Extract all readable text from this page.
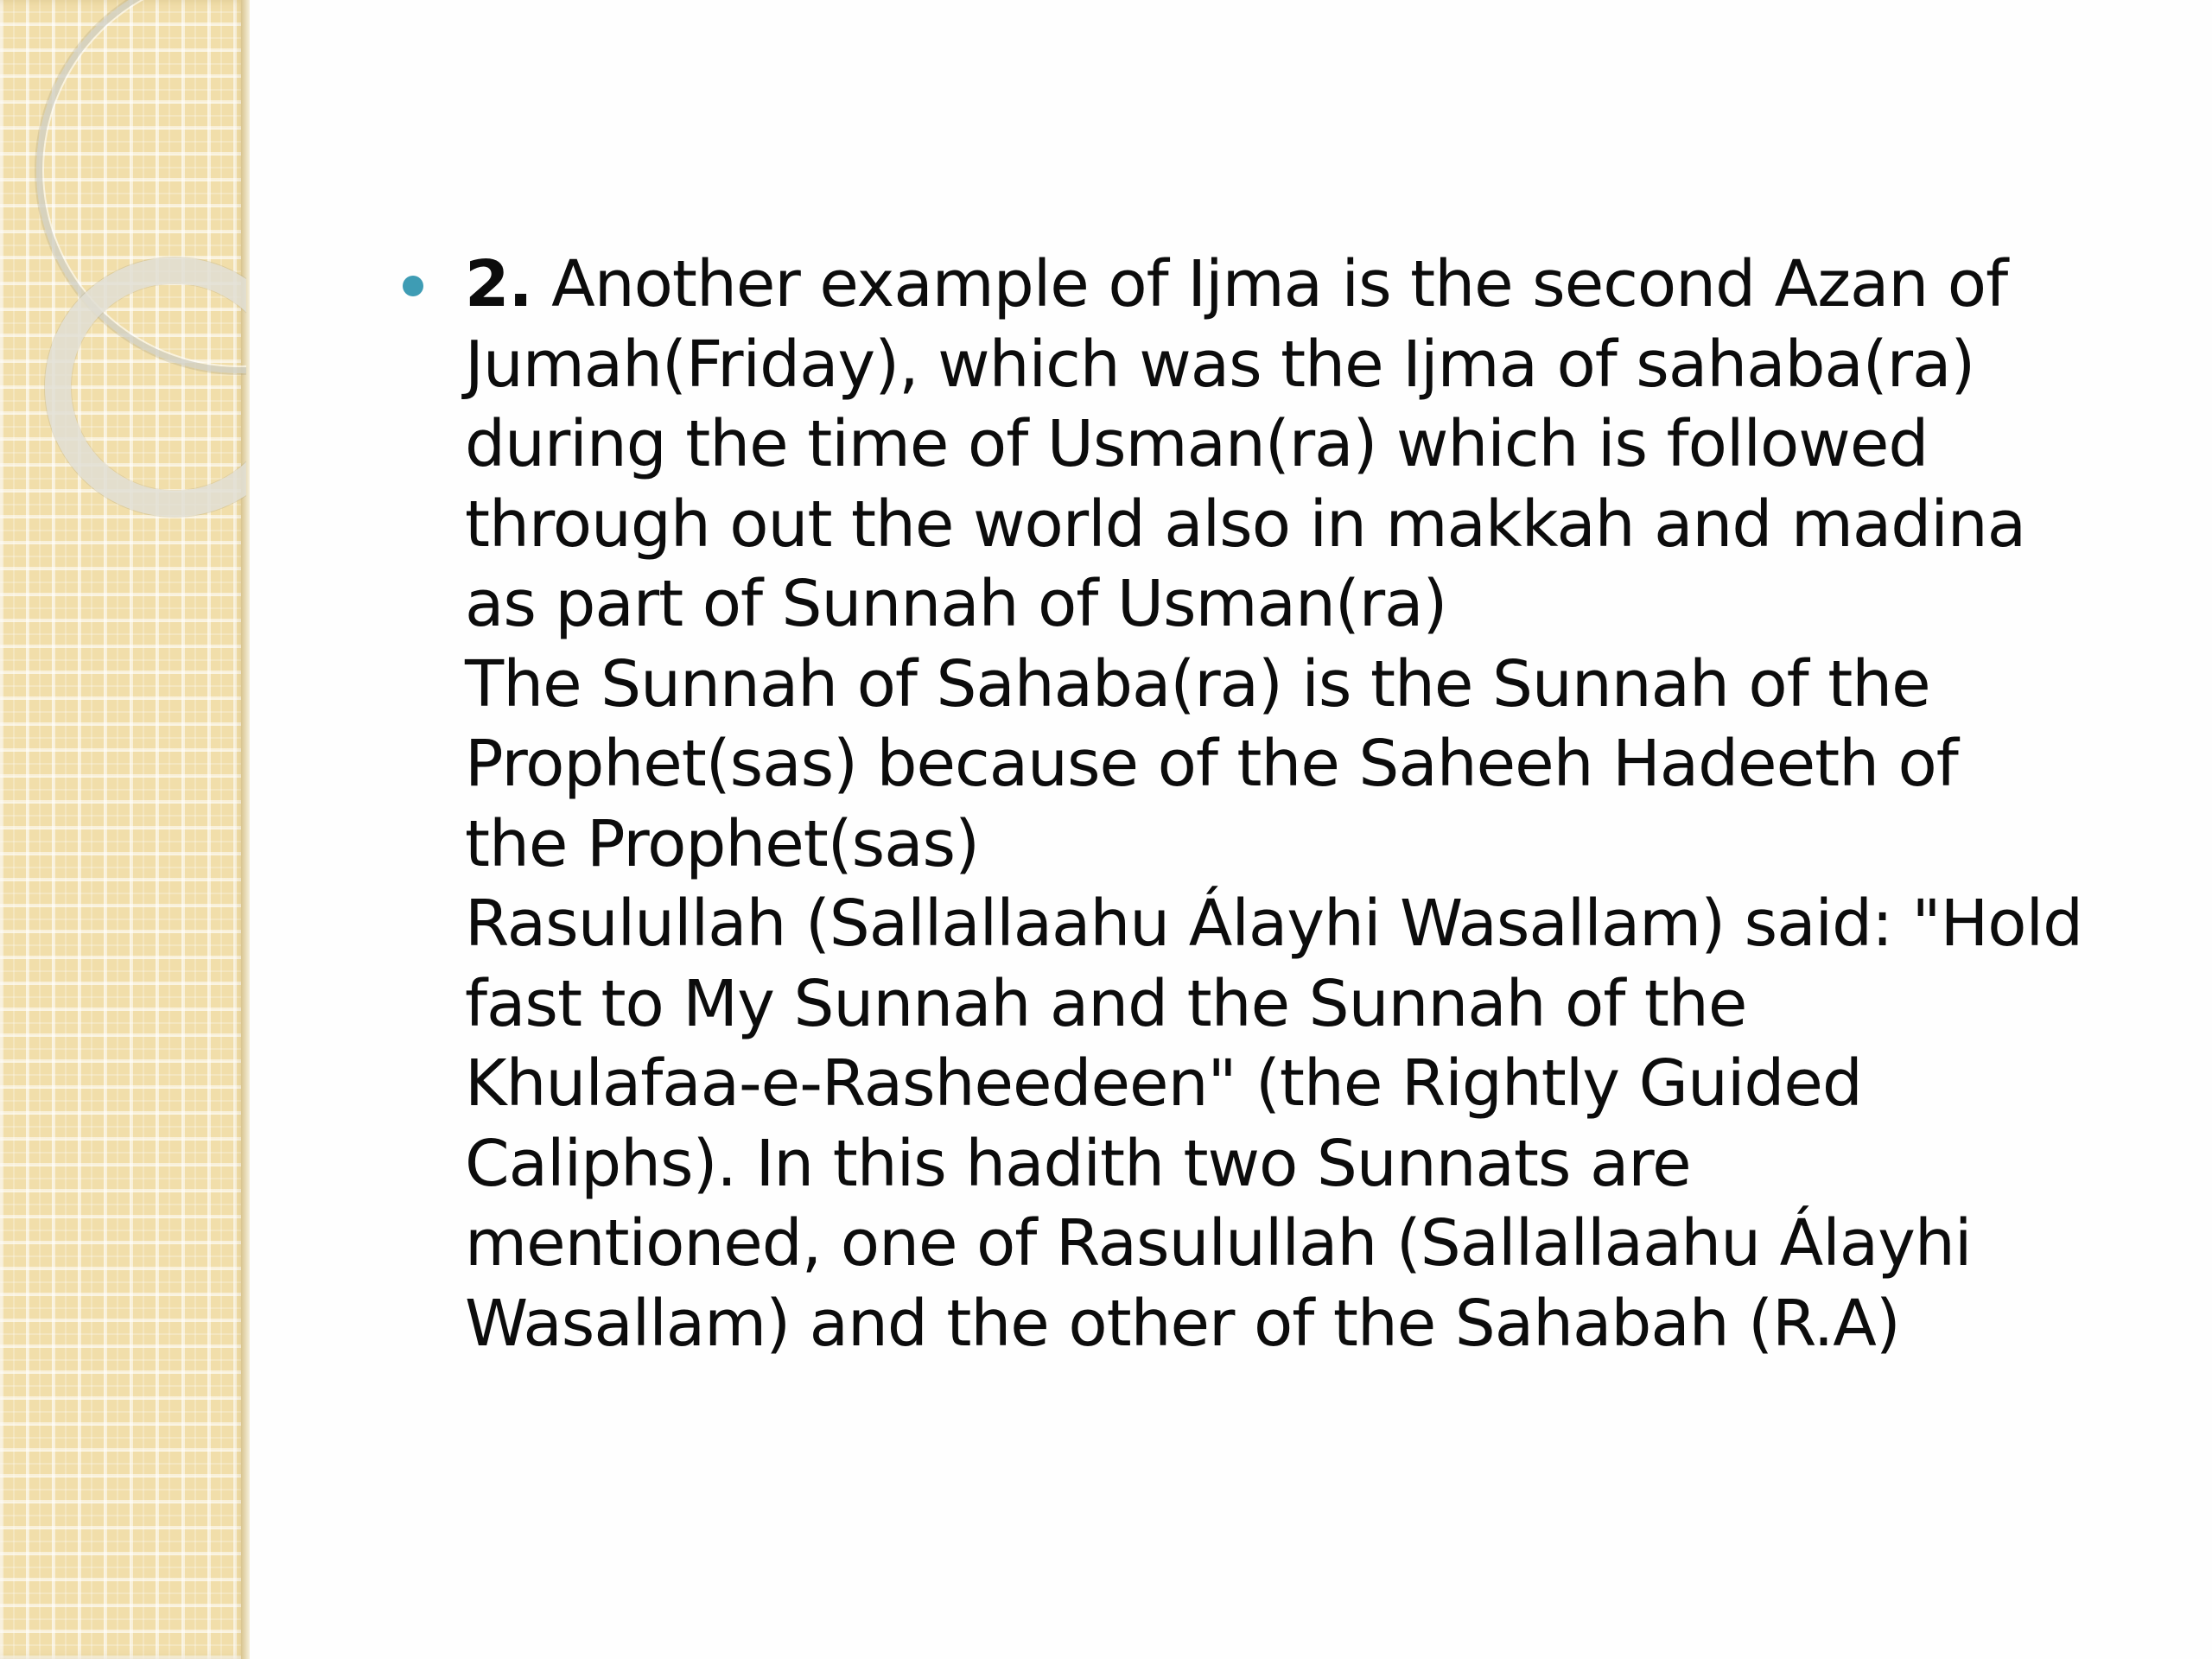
2. Another example of Ijma is the second Azan of
Jumah(Friday), which was the Ijma of sahaba(ra)
during the time of Usman(ra) which is followed
through out the world also in makkah and madina
as part of Sunnah of Usman(ra)
The Sunnah of Sahaba(ra) is the Sunnah of the
Prophet(sas) because of the Saheeh Hadeeth of
the Prophet(sas)
Rasulullah (Sallallaahu Álayhi Wasallam) said: "Hold
fast to My Sunnah and the Sunnah of the
Khulafaa-e-Rasheedeen" (the Rightly Guided
Caliphs). In this hadith two Sunnats are
mentioned, one of Rasulullah (Sallallaahu Álayhi
Wasallam) and the other of the Sahabah (R.A)
